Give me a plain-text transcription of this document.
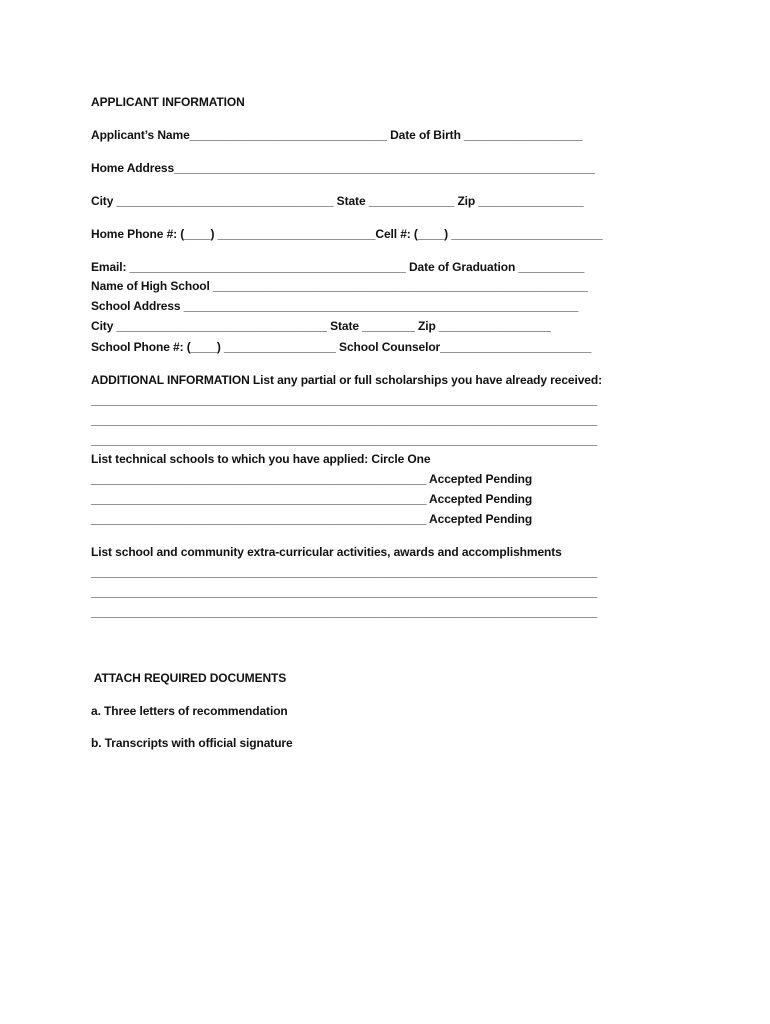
APPLICANT INFORMATION
Applicant’s Name______________________________ Date of Birth __________________
Home Address________________________________________________________________
City _________________________________ State _____________ Zip ________________
Home Phone #: (____) ________________________Cell #: (____) _______________________
Email: __________________________________________ Date of Graduation __________
Name of High School _________________________________________________________
School Address ____________________________________________________________
City ________________________________ State ________ Zip _________________
School Phone #: (____) _________________ School Counselor_______________________
ADDITIONAL INFORMATION List any partial or full scholarships you have already received:
_____________________________________________________________________________
_____________________________________________________________________________
_____________________________________________________________________________
List technical schools to which you have applied: Circle One
___________________________________________________ Accepted Pending
___________________________________________________ Accepted Pending
___________________________________________________ Accepted Pending
List school and community extra-curricular activities, awards and accomplishments
_____________________________________________________________________________
_____________________________________________________________________________
_____________________________________________________________________________
ATTACH REQUIRED DOCUMENTS
a. Three letters of recommendation
b. Transcripts with official signature
